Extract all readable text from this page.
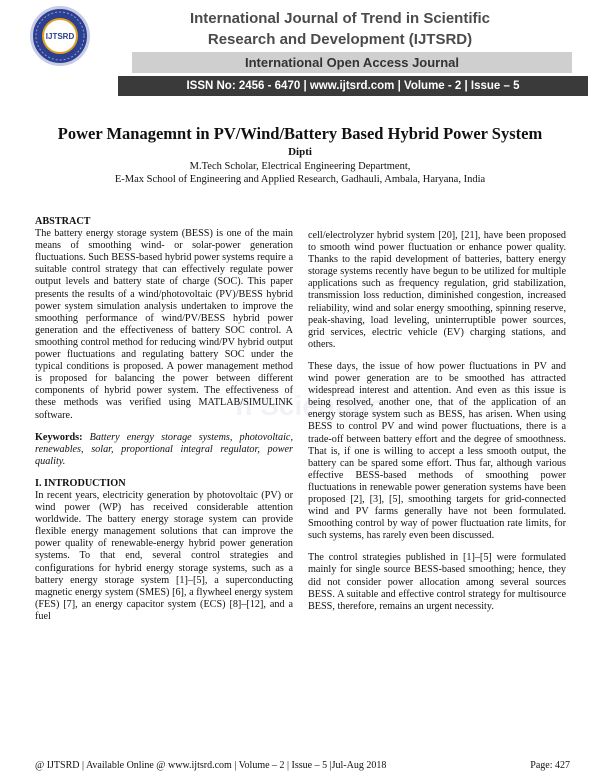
IJTSRD
International Journal of Trend in Scientific
Research and Development (IJTSRD)
International Open Access Journal
ISSN No: 2456 - 6470 | www.ijtsrd.com | Volume - 2 | Issue – 5
Power Managemnt in PV/Wind/Battery Based Hybrid Power System
Dipti
M.Tech Scholar, Electrical Engineering Department,
E-Max School of Engineering and Applied Research, Gadhauli, Ambala, Haryana, India
n Scientific

ABSTRACT

The battery energy storage system (BESS) is one of the main means of smoothing wind- or solar-power generation fluctuations. Such BESS-based hybrid power systems require a suitable control strategy that can effectively regulate power output levels and battery state of charge (SOC). This paper presents the results of a wind/photovoltaic (PV)/BESS hybrid power system simulation analysis undertaken to improve the smoothing performance of wind/PV/BESS hybrid power generation and the effectiveness of battery SOC control. A smoothing control method for reducing wind/PV hybrid output power fluctuations and regulating battery SOC under the typical conditions is proposed. A power management method is proposed for balancing the power between different components of hybrid power system. The effectiveness of these methods was verified using MATLAB/SIMULINK software.

Keywords: Battery energy storage systems, photovoltaic, renewables, solar, proportional integral regulator, power quality.

I. INTRODUCTION

In recent years, electricity generation by photovoltaic (PV) or wind power (WP) has received considerable attention worldwide. The battery energy storage system can provide flexible energy management solutions that can improve the power quality of renewable-energy hybrid power generation systems. To that end, several control strategies and configurations for hybrid energy storage systems, such as a battery energy storage system [1]–[5], a superconducting magnetic energy system (SMES) [6], a flywheel energy system (FES) [7], an energy capacitor system (ECS) [8]–[12], and a fuel

cell/electrolyzer hybrid system [20], [21], have been proposed to smooth wind power fluctuation or enhance power quality. Thanks to the rapid development of batteries, battery energy storage systems recently have begun to be utilized for multiple applications such as frequency regulation, grid stabilization, transmission loss reduction, diminished congestion, increased reliability, wind and solar energy smoothing, spinning reserve, peak-shaving, load leveling, uninterruptible power sources, grid services, electric vehicle (EV) charging stations, and others.

These days, the issue of how power fluctuations in PV and wind power generation are to be smoothed has attracted widespread interest and attention. And even as this issue is being resolved, another one, that of the application of an energy storage system such as BESS, has arisen. When using BESS to control PV and wind power fluctuations, there is a trade-off between battery effort and the degree of smoothness. That is, if one is willing to accept a less smooth output, the battery can be spared some effort. Thus far, although various effective BESS-based methods of smoothing power fluctuations in renewable power generation systems have been proposed [2], [3], [5], smoothing targets for grid-connected wind and PV farms generally have not been formulated. Smoothing control by way of power fluctuation rate limits, for such systems, has rarely even been discussed.

The control strategies published in [1]–[5] were formulated mainly for single source BESS-based smoothing; hence, they did not consider power allocation among several sources BESS. A suitable and effective control strategy for multisource BESS, therefore, remains an urgent necessity.

@ IJTSRD | Available Online @ www.ijtsrd.com | Volume – 2 | Issue – 5 |Jul-Aug 2018	Page: 427
